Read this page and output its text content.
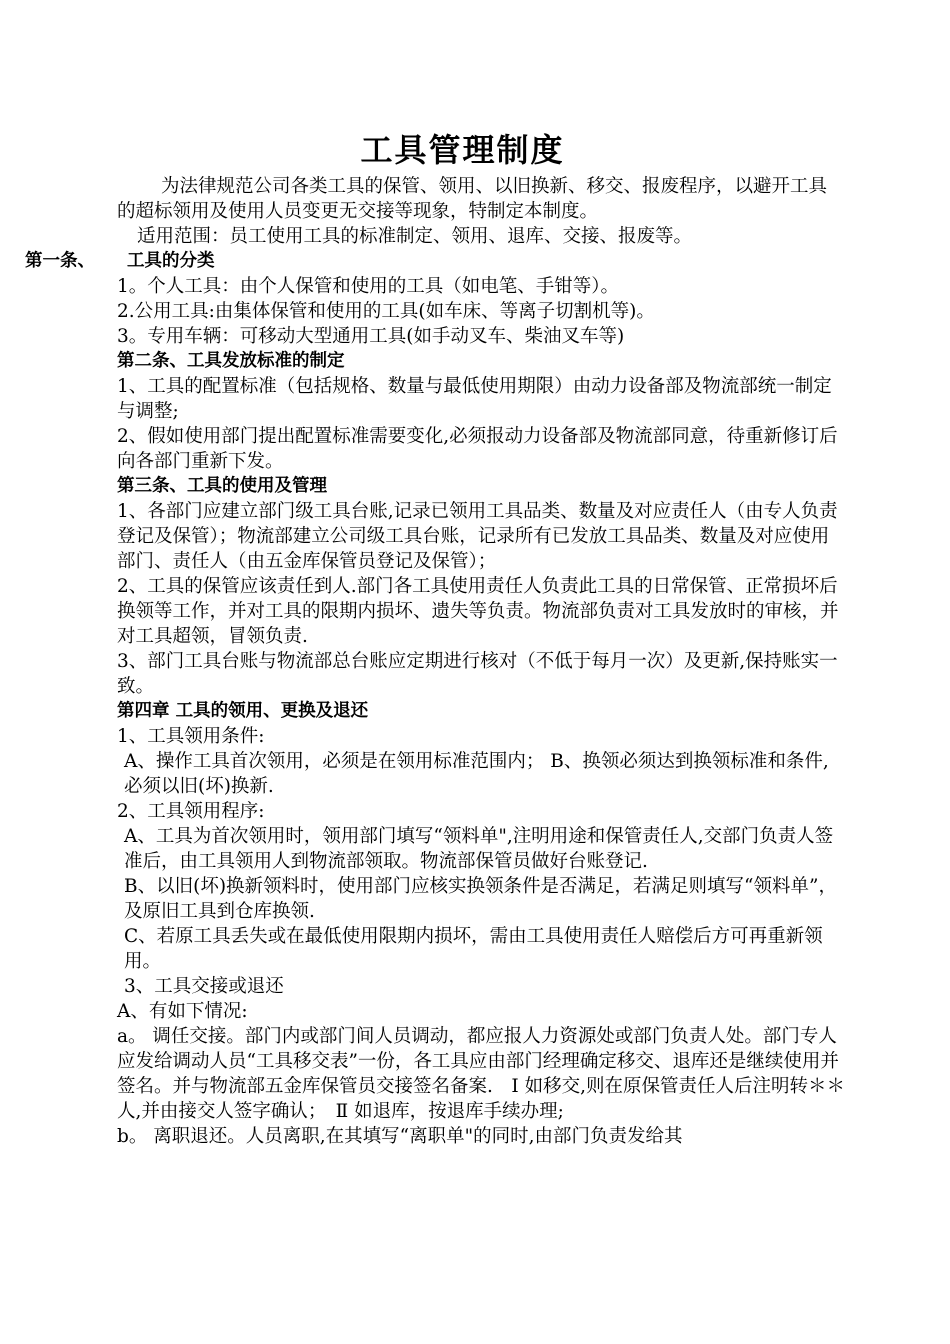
工具管理制度

为法律规范公司各类工具的保管、领用、以旧换新、移交、报废程序，以避开工具的超标领用及使用人员变更无交接等现象，特制定本制度。

适用范围：员工使用工具的标准制定、领用、退库、交接、报废等。

第一条、 工具的分类

1。个人工具：由个人保管和使用的工具（如电笔、手钳等）。

2.公用工具:由集体保管和使用的工具(如车床、等离子切割机等)。

3。专用车辆：可移动大型通用工具(如手动叉车、柴油叉车等)

第二条、工具发放标准的制定

1、工具的配置标准（包括规格、数量与最低使用期限）由动力设备部及物流部统一制定与调整;

2、假如使用部门提出配置标准需要变化,必须报动力设备部及物流部同意，待重新修订后向各部门重新下发。

第三条、工具的使用及管理

1、各部门应建立部门级工具台账,记录已领用工具品类、数量及对应责任人（由专人负责登记及保管）；物流部建立公司级工具台账，记录所有已发放工具品类、数量及对应使用部门、责任人（由五金库保管员登记及保管）；

2、工具的保管应该责任到人.部门各工具使用责任人负责此工具的日常保管、正常损坏后换领等工作，并对工具的限期内损坏、遗失等负责。物流部负责对工具发放时的审核，并对工具超领，冒领负责.

3、部门工具台账与物流部总台账应定期进行核对（不低于每月一次）及更新,保持账实一致。

第四章 工具的领用、更换及退还

1、工具领用条件:

A、操作工具首次领用，必须是在领用标准范围内； B、换领必须达到换领标准和条件,必须以旧(坏)换新.

2、工具领用程序:

A、工具为首次领用时，领用部门填写“领料单",注明用途和保管责任人,交部门负责人签准后，由工具领用人到物流部领取。物流部保管员做好台账登记.

B、以旧(坏)换新领料时，使用部门应核实换领条件是否满足，若满足则填写“领料单”，及原旧工具到仓库换领.

C、若原工具丢失或在最低使用限期内损坏，需由工具使用责任人赔偿后方可再重新领用。

3、工具交接或退还

A、有如下情况:

a。 调任交接。部门内或部门间人员调动，都应报人力资源处或部门负责人处。部门专人应发给调动人员“工具移交表”一份，各工具应由部门经理确定移交、退库还是继续使用并签名。并与物流部五金库保管员交接签名备案.　Ⅰ 如移交,则在原保管责任人后注明转＊＊人,并由接交人签字确认；　Ⅱ 如退库，按退库手续办理;

b。 离职退还。人员离职,在其填写“离职单"的同时,由部门负责发给其
